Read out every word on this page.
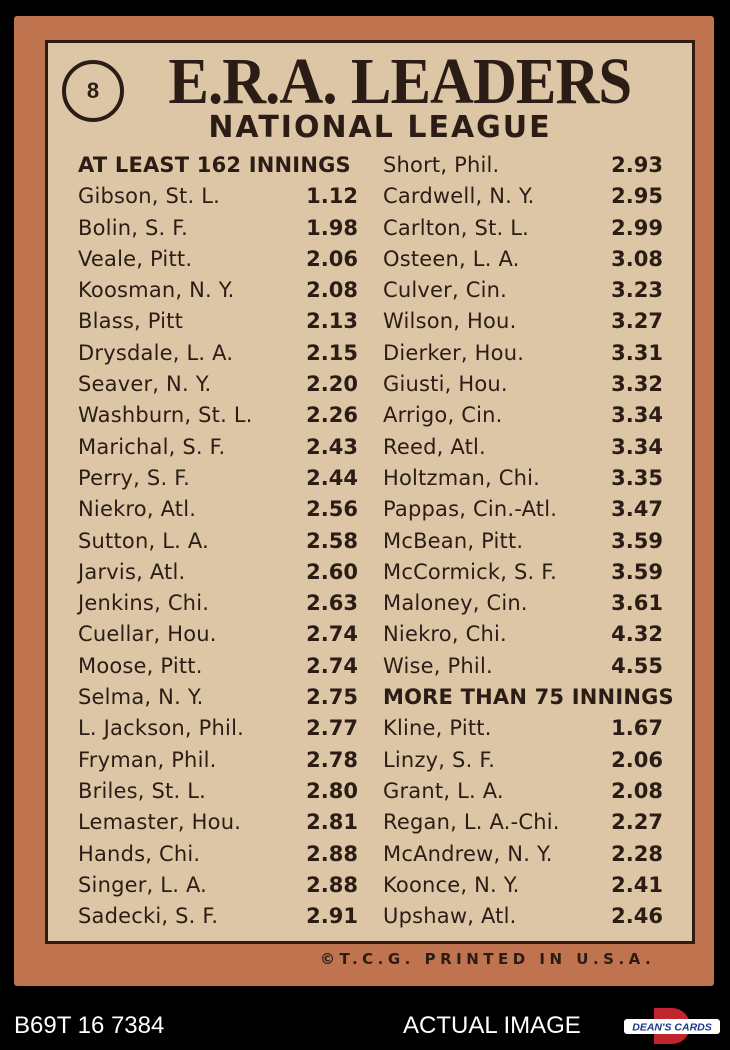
8 E.R.A. LEADERS
NATIONAL LEAGUE
AT LEAST 162 INNINGS
Gibson, St. L.	1.12
Bolin, S. F.	1.98
Veale, Pitt.	2.06
Koosman, N. Y.	2.08
Blass, Pitt	2.13
Drysdale, L. A.	2.15
Seaver, N. Y.	2.20
Washburn, St. L.	2.26
Marichal, S. F.	2.43
Perry, S. F.	2.44
Niekro, Atl.	2.56
Sutton, L. A.	2.58
Jarvis, Atl.	2.60
Jenkins, Chi.	2.63
Cuellar, Hou.	2.74
Moose, Pitt.	2.74
Selma, N. Y.	2.75
L. Jackson, Phil.	2.77
Fryman, Phil.	2.78
Briles, St. L.	2.80
Lemaster, Hou.	2.81
Hands, Chi.	2.88
Singer, L. A.	2.88
Sadecki, S. F.	2.91
Short, Phil.	2.93
Cardwell, N. Y.	2.95
Carlton, St. L.	2.99
Osteen, L. A.	3.08
Culver, Cin.	3.23
Wilson, Hou.	3.27
Dierker, Hou.	3.31
Giusti, Hou.	3.32
Arrigo, Cin.	3.34
Reed, Atl.	3.34
Holtzman, Chi.	3.35
Pappas, Cin.-Atl.	3.47
McBean, Pitt.	3.59
McCormick, S. F.	3.59
Maloney, Cin.	3.61
Niekro, Chi.	4.32
Wise, Phil.	4.55
MORE THAN 75 INNINGS
Kline, Pitt.	1.67
Linzy, S. F.	2.06
Grant, L. A.	2.08
Regan, L. A.-Chi. 2.27
McAndrew, N. Y.	2.28
Koonce, N. Y.	2.41
Upshaw, Atl.	2.46
©T.C.G. PRINTED IN U.S.A.
B69T 16 7384	ACTUAL IMAGE	DEAN'S CARDS
